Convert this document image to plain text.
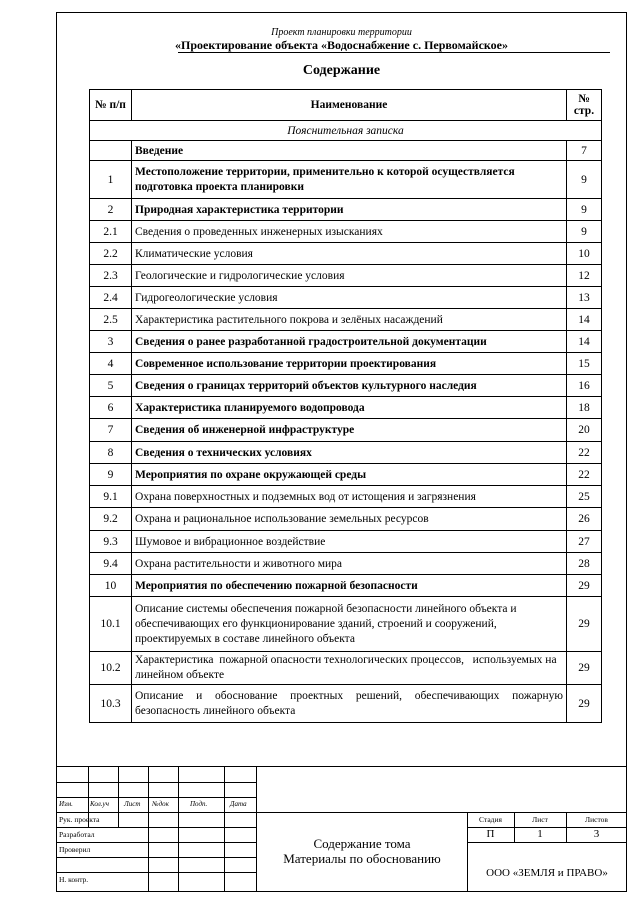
Проект планировки территории
«Проектирование объекта «Водоснабжение с. Первомайское»
Содержание
№ п/п	Наименование	№ стр.
Пояснительная записка		
	Введение	7
1	Местоположение территории, применительно к которой осуществляется подготовка проекта планировки	9
2	Природная характеристика территории	9
2.1	Сведения о проведенных инженерных изысканиях	9
2.2	Климатические условия	10
2.3	Геологические и гидрологические условия	12
2.4	Гидрогеологические условия	13
2.5	Характеристика растительного покрова и зелёных насаждений	14
3	Сведения о ранее разработанной градостроительной документации	14
4	Современное использование территории проектирования	15
5	Сведения о границах территорий объектов культурного наследия	16
6	Характеристика планируемого водопровода	18
7	Сведения об инженерной инфраструктуре	20
8	Сведения о технических условиях	22
9	Мероприятия по охране окружающей среды	22
9.1	Охрана поверхностных и подземных вод от истощения и загрязнения	25
9.2	Охрана и рациональное использование земельных ресурсов	26
9.3	Шумовое и вибрационное воздействие	27
9.4	Охрана растительности и животного мира	28
10	Мероприятия по обеспечению пожарной безопасности	29
10.1	Описание системы обеспечения пожарной безопасности линейного объекта и обеспечивающих его функционирование зданий, строений и сооружений, проектируемых в составе линейного объекта	29
10.2	Характеристика  пожарной опасности технологических процессов,   используемых на линейном объекте	29
10.3	Описание и обоснование проектных решений, обеспечивающих пожарную безопасность линейного объекта	29
Изм. Кол.уч Лист №док	Подп.	Дата
Рук. проекта
Разработал
Проверил
Н. контр.
Содержание тома
Материалы по обоснованию
Стадия	Лист	Листов
П	1	3
ООО «ЗЕМЛЯ и ПРАВО»
